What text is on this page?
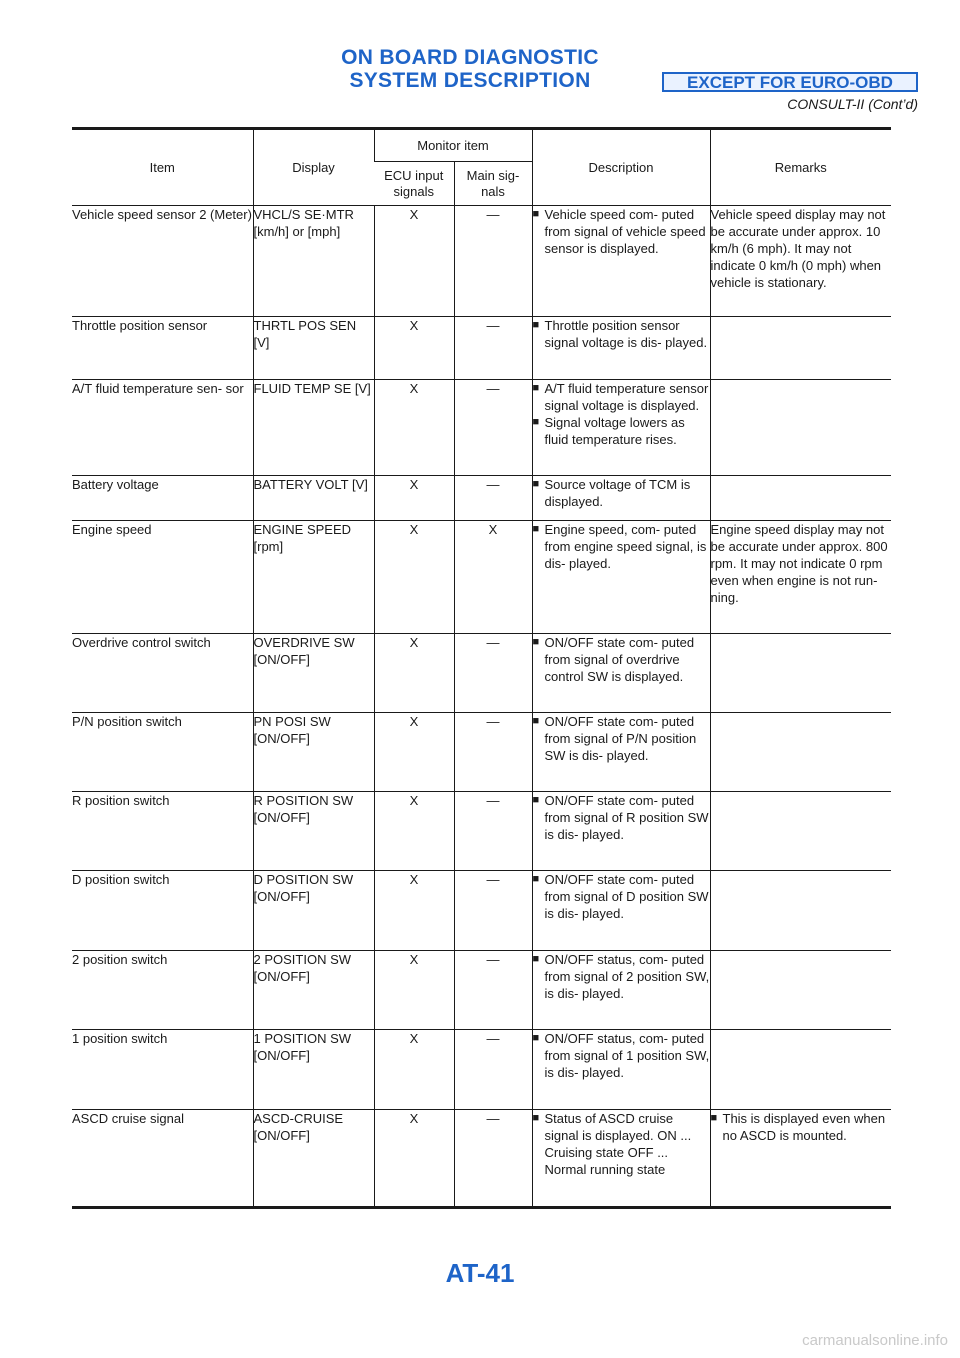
ON BOARD DIAGNOSTIC
SYSTEM DESCRIPTION	EXCEPT FOR EURO-OBD
CONSULT-II (Cont’d)
Item	Display	Monitor item		Description	Remarks
		ECU input signals	Main sig- nals		
Vehicle speed sensor 2 (Meter)	VHCL/S SE·MTR [km/h] or [mph]	X	—	■ Vehicle speed com- puted from signal of vehicle speed sensor is displayed.	Vehicle speed display may not be accurate under approx. 10 km/h (6 mph). It may not indicate 0 km/h (0 mph) when vehicle is stationary.

Throttle position sensor	THRTL POS SEN [V]	X	—	■ Throttle position sensor signal voltage is dis- played.	

A/T fluid temperature sen- sor	FLUID TEMP SE [V]	X	—	■ A/T fluid temperature sensor signal voltage is displayed.
■ Signal voltage lowers as fluid temperature rises.	

Battery voltage	BATTERY VOLT [V]	X	—	■ Source voltage of TCM is displayed.	

Engine speed	ENGINE SPEED [rpm]	X	X	■ Engine speed, com- puted from engine speed signal, is dis- played.	Engine speed display may not be accurate under approx. 800 rpm. It may not indicate 0 rpm even when engine is not run- ning.

Overdrive control switch	OVERDRIVE SW [ON/OFF]	X	—	■ ON/OFF state com- puted from signal of overdrive control SW is displayed.	

P/N position switch	PN POSI SW [ON/OFF]	X	—	■ ON/OFF state com- puted from signal of P/N position SW is dis- played.	

R position switch	R POSITION SW [ON/OFF]	X	—	■ ON/OFF state com- puted from signal of R position SW is dis- played.	

D position switch	D POSITION SW [ON/OFF]	X	—	■ ON/OFF state com- puted from signal of D position SW is dis- played.	

2 position switch	2 POSITION SW [ON/OFF]	X	—	■ ON/OFF status, com- puted from signal of 2 position SW, is dis- played.	

1 position switch	1 POSITION SW [ON/OFF]	X	—	■ ON/OFF status, com- puted from signal of 1 position SW, is dis- played.	

ASCD cruise signal	ASCD-CRUISE [ON/OFF]	X	—	■ Status of ASCD cruise signal is displayed. ON ... Cruising state OFF ... Normal running state	■ This is displayed even when no ASCD is mounted.
AT-41
carmanualsonline.info
